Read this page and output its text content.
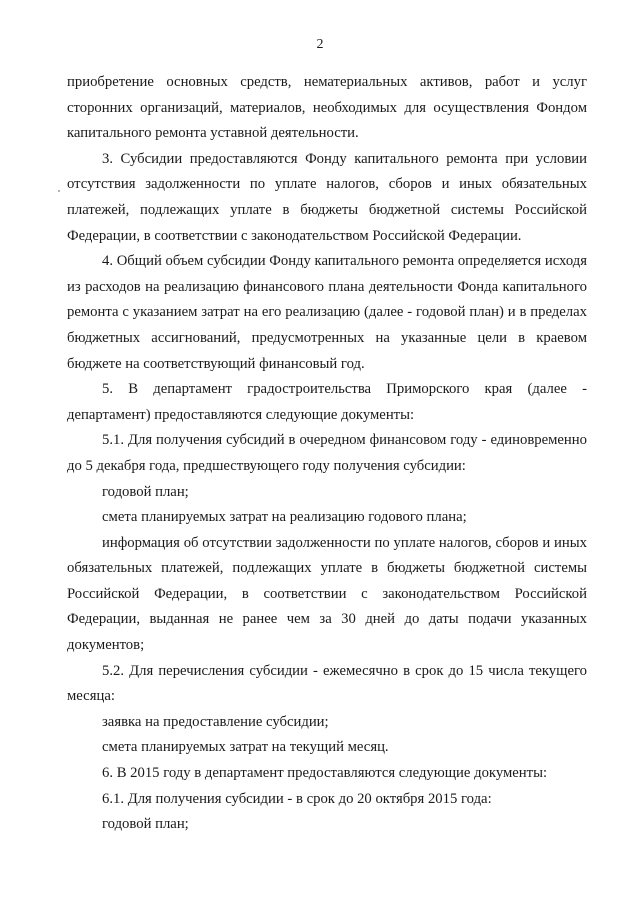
2

приобретение основных средств, нематериальных активов, работ и услуг сторонних организаций, материалов, необходимых для осуществления Фондом капитального ремонта уставной деятельности.

3. Субсидии предоставляются Фонду капитального ремонта при условии отсутствия задолженности по уплате налогов, сборов и иных обязательных платежей, подлежащих уплате в бюджеты бюджетной системы Российской Федерации, в соответствии с законодательством Российской Федерации.

4. Общий объем субсидии Фонду капитального ремонта определяется исходя из расходов на реализацию финансового плана деятельности Фонда капитального ремонта с указанием затрат на его реализацию (далее - годовой план) и в пределах бюджетных ассигнований, предусмотренных на указанные цели в краевом бюджете на соответствующий финансовый год.

5. В департамент градостроительства Приморского края (далее - департамент) предоставляются следующие документы:

5.1. Для получения субсидий в очередном финансовом году - единовременно до 5 декабря года, предшествующего году получения субсидии:

годовой план;

смета планируемых затрат на реализацию годового плана;

информация об отсутствии задолженности по уплате налогов, сборов и иных обязательных платежей, подлежащих уплате в бюджеты бюджетной системы Российской Федерации, в соответствии с законодательством Российской Федерации, выданная не ранее чем за 30 дней до даты подачи указанных документов;

5.2. Для перечисления субсидии - ежемесячно в срок до 15 числа текущего месяца:

заявка на предоставление субсидии;

смета планируемых затрат на текущий месяц.

6. В 2015 году в департамент предоставляются следующие документы:

6.1. Для получения субсидии - в срок до 20 октября 2015 года:

годовой план;
